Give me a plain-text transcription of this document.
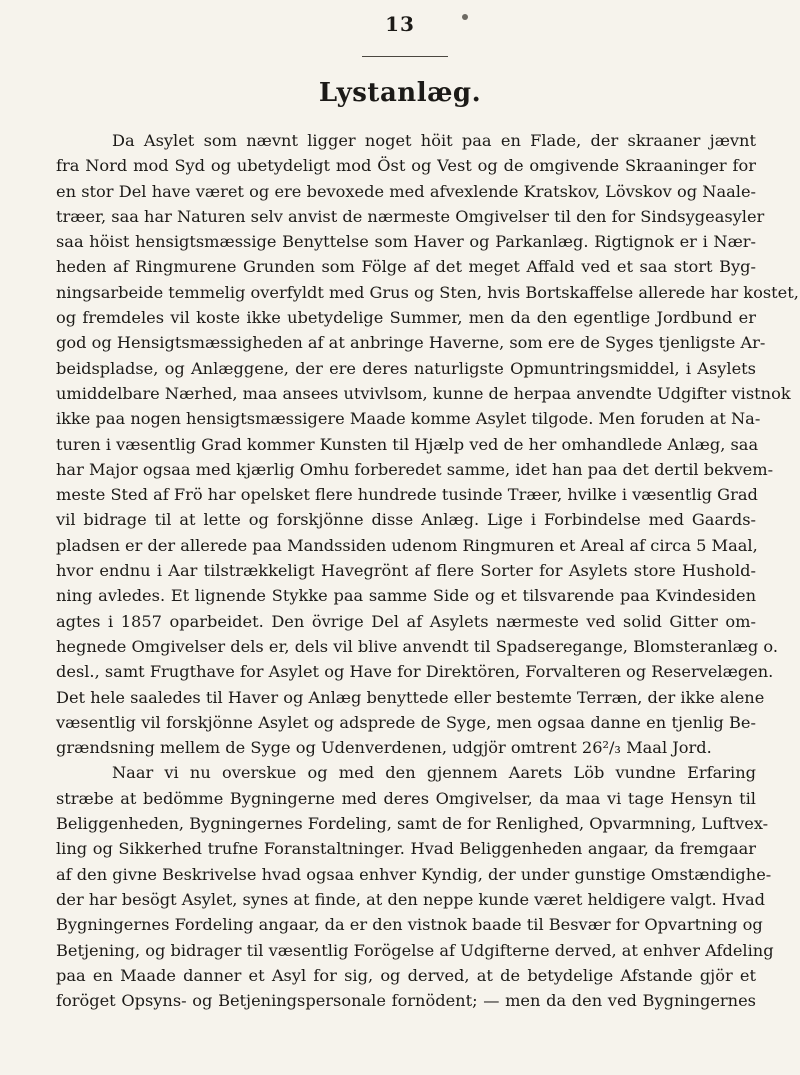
13
Lystanlæg.
Da Asylet som nævnt ligger noget höit paa en Flade, der skraaner jævnt
fra Nord mod Syd og ubetydeligt mod Öst og Vest og de omgivende Skraaninger for
en stor Del have været og ere bevoxede med afvexlende Kratskov, Lövskov og Naale-
træer, saa har Naturen selv anvist de nærmeste Omgivelser til den for Sindsygeasyler
saa höist hensigtsmæssige Benyttelse som Haver og Parkanlæg. Rigtignok er i Nær-
heden af Ringmurene Grunden som Fölge af det meget Affald ved et saa stort Byg-
ningsarbeide temmelig overfyldt med Grus og Sten, hvis Bortskaffelse allerede har kostet,
og fremdeles vil koste ikke ubetydelige Summer, men da den egentlige Jordbund er
god og Hensigtsmæssigheden af at anbringe Haverne, som ere de Syges tjenligste Ar-
beidspladse, og Anlæggene, der ere deres naturligste Opmuntringsmiddel, i Asylets
umiddelbare Nærhed, maa ansees utvivlsom, kunne de herpaa anvendte Udgifter vistnok
ikke paa nogen hensigtsmæssigere Maade komme Asylet tilgode. Men foruden at Na-
turen i væsentlig Grad kommer Kunsten til Hjælp ved de her omhandlede Anlæg, saa
har Major ogsaa med kjærlig Omhu forberedet samme, idet han paa det dertil bekvem-
meste Sted af Frö har opelsket flere hundrede tusinde Træer, hvilke i væsentlig Grad
vil bidrage til at lette og forskjönne disse Anlæg. Lige i Forbindelse med Gaards-
pladsen er der allerede paa Mandssiden udenom Ringmuren et Areal af circa 5 Maal,
hvor endnu i Aar tilstrækkeligt Havegrönt af flere Sorter for Asylets store Hushold-
ning avledes. Et lignende Stykke paa samme Side og et tilsvarende paa Kvindesiden
agtes i 1857 oparbeidet. Den övrige Del af Asylets nærmeste ved solid Gitter om-
hegnede Omgivelser dels er, dels vil blive anvendt til Spadseregange, Blomsteranlæg o.
desl., samt Frugthave for Asylet og Have for Direktören, Forvalteren og Reservelægen.
Det hele saaledes til Haver og Anlæg benyttede eller bestemte Terræn, der ikke alene
væsentlig vil forskjönne Asylet og adsprede de Syge, men ogsaa danne en tjenlig Be-
grændsning mellem de Syge og Udenverdenen, udgjör omtrent 26²/₃ Maal Jord.
Naar vi nu overskue og med den gjennem Aarets Löb vundne Erfaring
stræbe at bedömme Bygningerne med deres Omgivelser, da maa vi tage Hensyn til
Beliggenheden, Bygningernes Fordeling, samt de for Renlighed, Opvarmning, Luftvex-
ling og Sikkerhed trufne Foranstaltninger. Hvad Beliggenheden angaar, da fremgaar
af den givne Beskrivelse hvad ogsaa enhver Kyndig, der under gunstige Omstændighe-
der har besögt Asylet, synes at finde, at den neppe kunde været heldigere valgt. Hvad
Bygningernes Fordeling angaar, da er den vistnok baade til Besvær for Opvartning og
Betjening, og bidrager til væsentlig Forögelse af Udgifterne derved, at enhver Afdeling
paa en Maade danner et Asyl for sig, og derved, at de betydelige Afstande gjör et
foröget Opsyns- og Betjeningspersonale fornödent; — men da den ved Bygningernes
